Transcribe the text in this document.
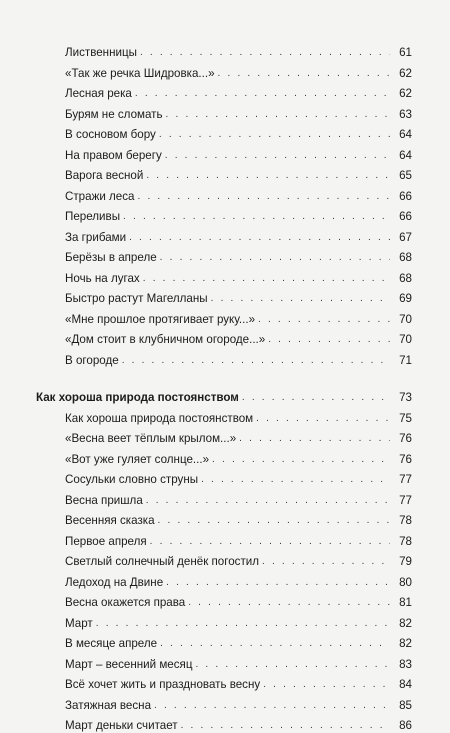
Лиственницы . . .	61
«Так же речка Шидровка...» . . .	62
Лесная река . . .	62
Бурям не сломать . . .	63
В сосновом бору . . .	64
На правом берегу . . .	64
Варога весной . . .	65
Стражи леса . . .	66
Переливы . . .	66
За грибами . . .	67
Берёзы в апреле . . .	68
Ночь на лугах . . .	68
Быстро растут Магелланы . . .	69
«Мне прошлое протягивает руку...» . . .	70
«Дом стоит в клубничном огороде...» . . .	70
В огороде . . .	71
Как хороша природа постоянством . . .	73
Как хороша природа постоянством . . .	75
«Весна веет тёплым крылом...» . . .	76
«Вот уже гуляет солнце...» . . .	76
Сосульки словно струны . . .	77
Весна пришла . . .	77
Весенняя сказка . . .	78
Первое апреля . . .	78
Светлый солнечный денёк погостил . . .	79
Ледоход на Двине . . .	80
Весна окажется права . . .	81
Март . . .	82
В месяце апреле . . .	82
Март – весенний месяц . . .	83
Всё хочет жить и праздновать весну . . .	84
Затяжная весна . . .	85
Март деньки считает . . .	86
